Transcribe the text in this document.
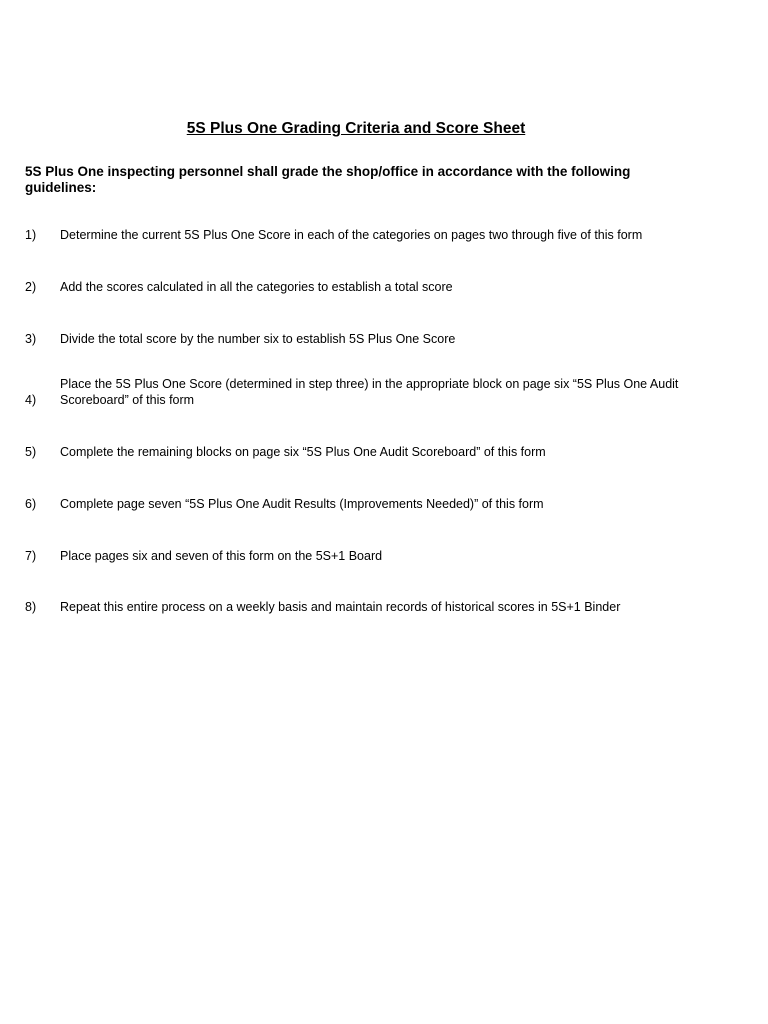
5S Plus One Grading Criteria and Score Sheet
5S Plus One inspecting personnel shall grade the shop/office in accordance with the following guidelines:
1) Determine the current 5S Plus One Score in each of the categories on pages two through five of this form
2) Add the scores calculated in all the categories to establish a total score
3) Divide the total score by the number six to establish 5S Plus One Score
4)
Place the 5S Plus One Score (determined in step three) in the appropriate block on page six “5S Plus One Audit Scoreboard” of this form
5) Complete the remaining blocks on page six “5S Plus One Audit Scoreboard” of this form
6) Complete page seven “5S Plus One Audit Results (Improvements Needed)” of this form
7) Place pages six and seven of this form on the 5S+1 Board
8) Repeat this entire process on a weekly basis and maintain records of historical scores in 5S+1 Binder
